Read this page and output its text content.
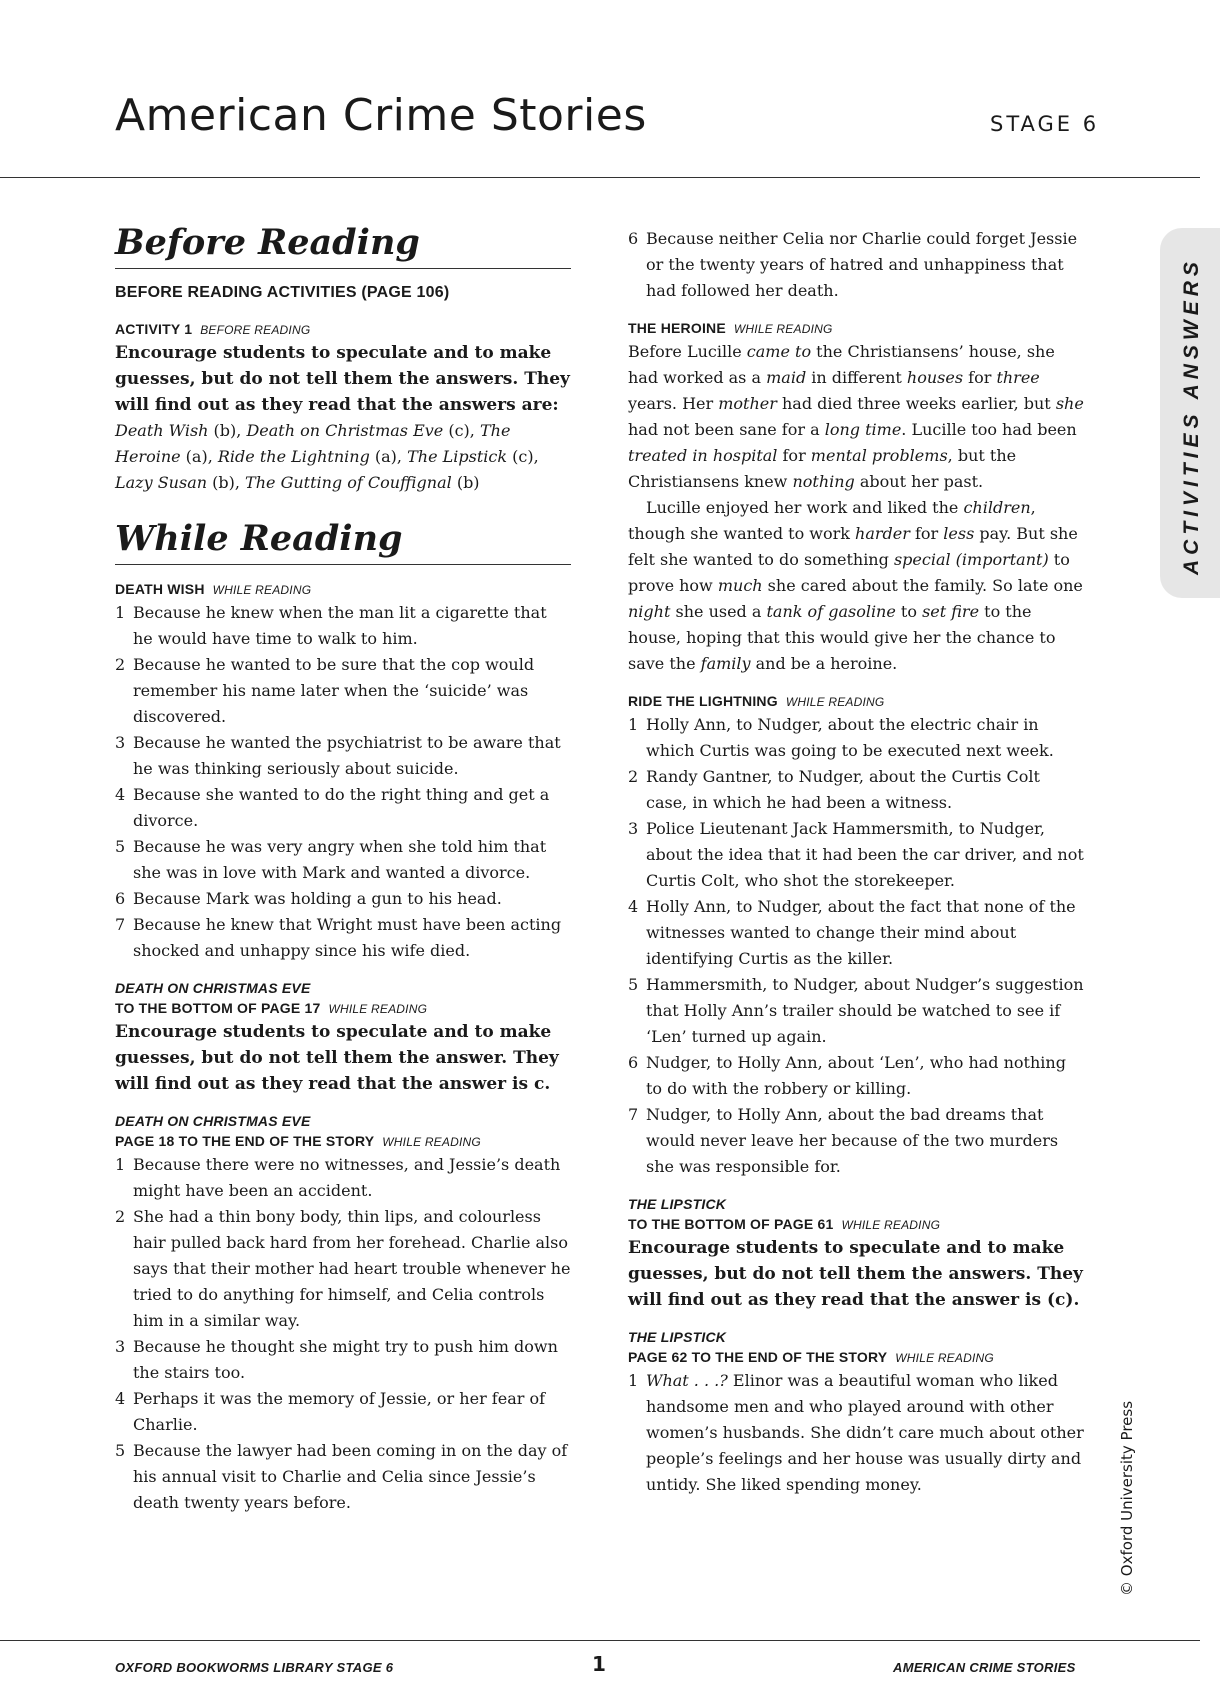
American Crime Stories	STAGE 6
ACTIVITIES ANSWERS
© Oxford University Press
Before Reading

BEFORE READING ACTIVITIES (PAGE 106)

ACTIVITY 1 BEFORE READING

Encourage students to speculate and to make guesses, but do not tell them the answers. They will find out as they read that the answers are:

Death Wish (b), Death on Christmas Eve (c), The Heroine (a), Ride the Lightning (a), The Lipstick (c), Lazy Susan (b), The Gutting of Couffignal (b)

While Reading

DEATH WISH WHILE READING

1 Because he knew when the man lit a cigarette that he would have time to walk to him.
2 Because he wanted to be sure that the cop would remember his name later when the ‘suicide’ was discovered.
3 Because he wanted the psychiatrist to be aware that he was thinking seriously about suicide.
4 Because she wanted to do the right thing and get a divorce.
5 Because he was very angry when she told him that she was in love with Mark and wanted a divorce.
6 Because Mark was holding a gun to his head.
7 Because he knew that Wright must have been acting shocked and unhappy since his wife died.

DEATH ON CHRISTMAS EVE

TO THE BOTTOM OF PAGE 17 WHILE READING

Encourage students to speculate and to make guesses, but do not tell them the answer. They will find out as they read that the answer is c.

DEATH ON CHRISTMAS EVE

PAGE 18 TO THE END OF THE STORY WHILE READING

1 Because there were no witnesses, and Jessie’s death might have been an accident.
2 She had a thin bony body, thin lips, and colourless hair pulled back hard from her forehead. Charlie also says that their mother had heart trouble whenever he tried to do anything for himself, and Celia controls him in a similar way.
3 Because he thought she might try to push him down the stairs too.
4 Perhaps it was the memory of Jessie, or her fear of Charlie.
5 Because the lawyer had been coming in on the day of his annual visit to Charlie and Celia since Jessie’s death twenty years before.
6 Because neither Celia nor Charlie could forget Jessie or the twenty years of hatred and unhappiness that had followed her death.

THE HEROINE WHILE READING

Before Lucille came to the Christiansens’ house, she had worked as a maid in different houses for three years. Her mother had died three weeks earlier, but she had not been sane for a long time. Lucille too had been treated in hospital for mental problems, but the Christiansens knew nothing about her past.

Lucille enjoyed her work and liked the children, though she wanted to work harder for less pay. But she felt she wanted to do something special (important) to prove how much she cared about the family. So late one night she used a tank of gasoline to set fire to the house, hoping that this would give her the chance to save the family and be a heroine.

RIDE THE LIGHTNING WHILE READING

1 Holly Ann, to Nudger, about the electric chair in which Curtis was going to be executed next week.
2 Randy Gantner, to Nudger, about the Curtis Colt case, in which he had been a witness.
3 Police Lieutenant Jack Hammersmith, to Nudger, about the idea that it had been the car driver, and not Curtis Colt, who shot the storekeeper.
4 Holly Ann, to Nudger, about the fact that none of the witnesses wanted to change their mind about identifying Curtis as the killer.
5 Hammersmith, to Nudger, about Nudger’s suggestion that Holly Ann’s trailer should be watched to see if ‘Len’ turned up again.
6 Nudger, to Holly Ann, about ‘Len’, who had nothing to do with the robbery or killing.
7 Nudger, to Holly Ann, about the bad dreams that would never leave her because of the two murders she was responsible for.

THE LIPSTICK

TO THE BOTTOM OF PAGE 61 WHILE READING

Encourage students to speculate and to make guesses, but do not tell them the answers. They will find out as they read that the answer is (c).

THE LIPSTICK

PAGE 62 TO THE END OF THE STORY WHILE READING

1 What . . .? Elinor was a beautiful woman who liked handsome men and who played around with other women’s husbands. She didn’t care much about other people’s feelings and her house was usually dirty and untidy. She liked spending money.
OXFORD BOOKWORMS LIBRARY STAGE 6	1	AMERICAN CRIME STORIES
